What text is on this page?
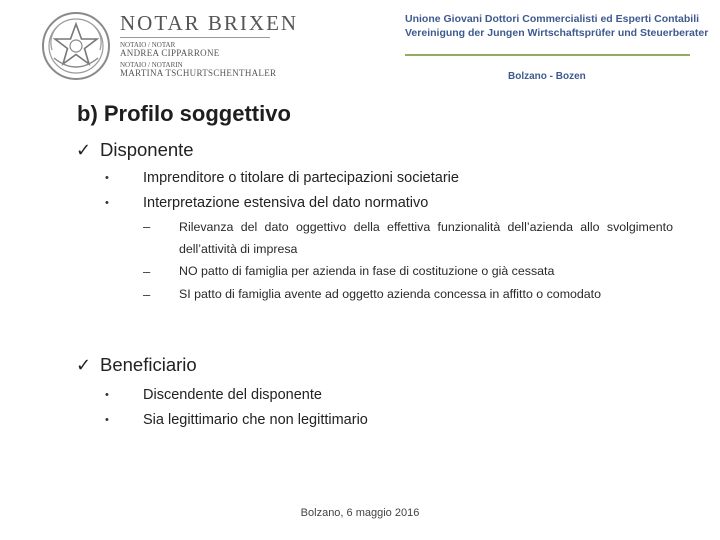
NOTAR BRIXEN
NOTAIO / NOTAR
ANDREA CIPPARRONE
NOTAIO / NOTARIN
MARTINA TSCHURTSCHENTHALER
Unione Giovani Dottori Commercialisti ed Esperti Contabili
Vereinigung der Jungen Wirtschaftsprüfer und Steuerberater
Bolzano - Bozen
b) Profilo soggettivo
✓ Disponente
• Imprenditore o titolare di partecipazioni societarie
• Interpretazione estensiva del dato normativo
– Rilevanza del dato oggettivo della effettiva funzionalità dell’azienda allo svolgimento dell’attività di impresa
– NO patto di famiglia per azienda in fase di costituzione o già cessata
– SI patto di famiglia avente ad oggetto azienda concessa in affitto o comodato
✓ Beneficiario
• Discendente del disponente
• Sia legittimario che non legittimario
Bolzano, 6 maggio 2016
